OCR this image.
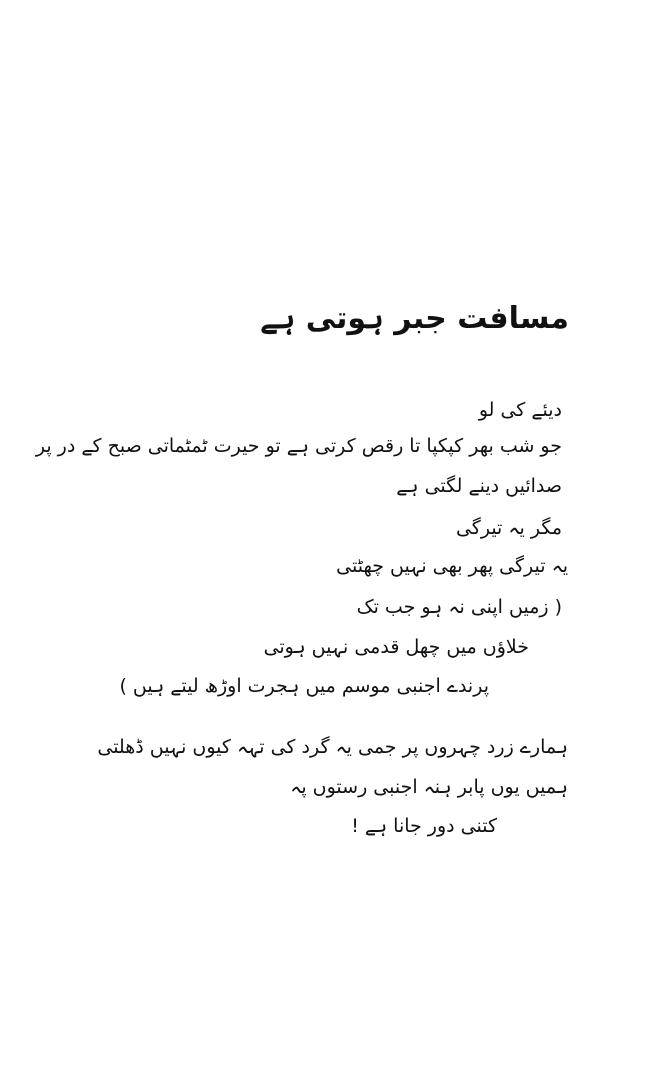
مسافت جبر ہوتی ہے

دیئے کی لو

جو شب بھر کپکپا تا رقص کرتی ہے تو حیرت ٹمٹماتی صبح کے در پر

صدائیں دینے لگتی ہے

مگر یہ تیرگی

یہ تیرگی پھر بھی نہیں چھٹتی

( زمیں اپنی نہ ہو جب تک

خلاؤں میں چھل قدمی نہیں ہوتی

پرندے اجنبی موسم میں ہجرت اوڑھ لیتے ہیں )

ہمارے زرد چہروں پر جمی یہ گرد کی تہہ کیوں نہیں ڈھلتی

ہمیں یوں پابر ہنہ اجنبی رستوں پہ

کتنی دور جانا ہے !
